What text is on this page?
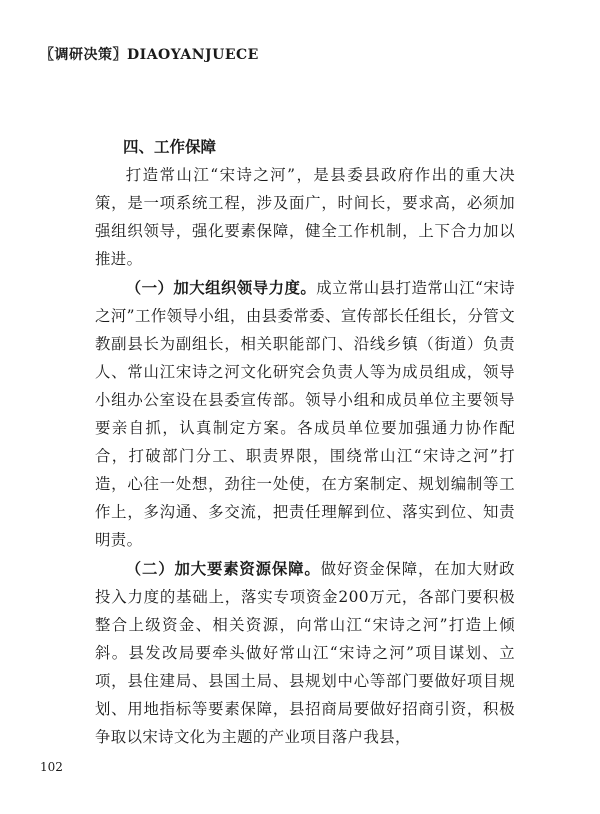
〖调研决策〗DIAOYANJUECE
四、工作保障

打造常山江“宋诗之河”，是县委县政府作出的重大决策，是一项系统工程，涉及面广，时间长，要求高，必须加强组织领导，强化要素保障，健全工作机制，上下合力加以推进。

（一）加大组织领导力度。成立常山县打造常山江“宋诗之河”工作领导小组，由县委常委、宣传部长任组长，分管文教副县长为副组长，相关职能部门、沿线乡镇（街道）负责人、常山江宋诗之河文化研究会负责人等为成员组成，领导小组办公室设在县委宣传部。领导小组和成员单位主要领导要亲自抓，认真制定方案。各成员单位要加强通力协作配合，打破部门分工、职责界限，围绕常山江“宋诗之河”打造，心往一处想，劲往一处使，在方案制定、规划编制等工作上，多沟通、多交流，把责任理解到位、落实到位、知责明责。

（二）加大要素资源保障。做好资金保障，在加大财政投入力度的基础上，落实专项资金200万元，各部门要积极整合上级资金、相关资源，向常山江“宋诗之河”打造上倾斜。县发改局要牵头做好常山江“宋诗之河”项目谋划、立项，县住建局、县国土局、县规划中心等部门要做好项目规划、用地指标等要素保障，县招商局要做好招商引资，积极争取以宋诗文化为主题的产业项目落户我县，

102
